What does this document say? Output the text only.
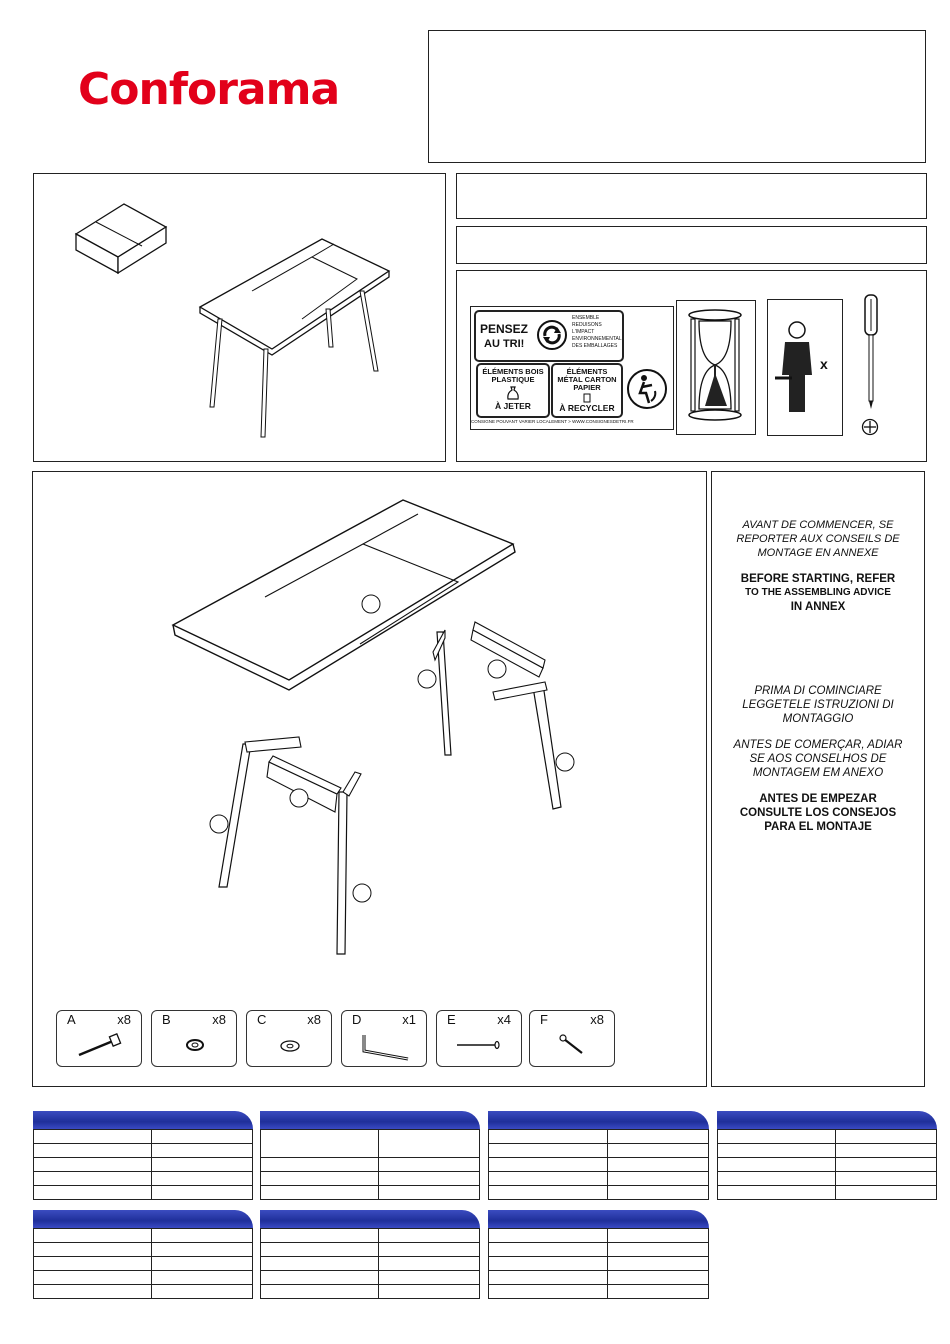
Conforama
PENSEZ
AU TRI!
ENSEMBLE
REDUISONS L'IMPACT
ENVIRONNEMENTAL
DES EMBALLAGES
ÉLÉMENTS BOIS PLASTIQUE
À JETER
ÉLÉMENTS MÉTAL CARTON PAPIER
À RECYCLER
CONSIGNE POUVANT VARIER LOCALEMENT > WWW.CONSIGNESDETRI.FR
x
A	x8 B	x8 C	x8 D	x1 E	x4 F	x8

AVANT DE COMMENCER, SE REPORTER AUX CONSEILS DE MONTAGE EN ANNEXE

BEFORE STARTING, REFER

TO THE ASSEMBLING ADVICE

IN ANNEX

PRIMA DI COMINCIARE LEGGETELE ISTRUZIONI DI MONTAGGIO

ANTES DE COMERÇAR, ADIAR SE AOS CONSELHOS DE MONTAGEM EM ANEXO

ANTES DE EMPEZAR CONSULTE LOS CONSEJOS PARA EL MONTAJE
